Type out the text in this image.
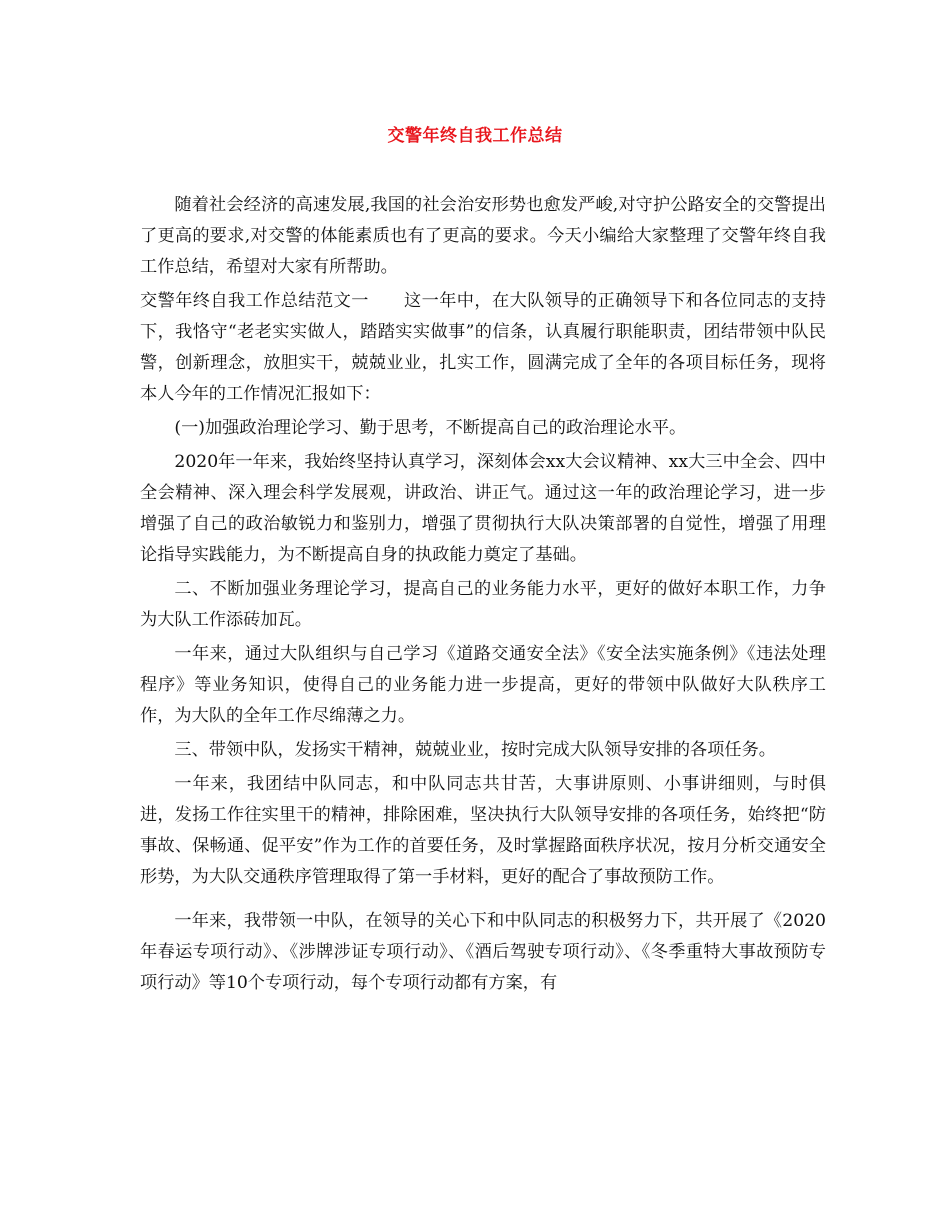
交警年终自我工作总结

随着社会经济的高速发展,我国的社会治安形势也愈发严峻,对守护公路安全的交警提出了更高的要求,对交警的体能素质也有了更高的要求。今天小编给大家整理了交警年终自我工作总结，希望对大家有所帮助。

交警年终自我工作总结范文一　　这一年中，在大队领导的正确领导下和各位同志的支持下，我恪守“老老实实做人，踏踏实实做事”的信条，认真履行职能职责，团结带领中队民警，创新理念，放胆实干，兢兢业业，扎实工作，圆满完成了全年的各项目标任务，现将本人今年的工作情况汇报如下：

(一)加强政治理论学习、勤于思考，不断提高自己的政治理论水平。

2020年一年来，我始终坚持认真学习，深刻体会xx大会议精神、xx大三中全会、四中全会精神、深入理会科学发展观，讲政治、讲正气。通过这一年的政治理论学习，进一步增强了自己的政治敏锐力和鉴别力，增强了贯彻执行大队决策部署的自觉性，增强了用理论指导实践能力，为不断提高自身的执政能力奠定了基础。

二、不断加强业务理论学习，提高自己的业务能力水平，更好的做好本职工作，力争为大队工作添砖加瓦。

一年来，通过大队组织与自己学习《道路交通安全法》《安全法实施条例》《违法处理程序》等业务知识，使得自己的业务能力进一步提高，更好的带领中队做好大队秩序工作，为大队的全年工作尽绵薄之力。

三、带领中队，发扬实干精神，兢兢业业，按时完成大队领导安排的各项任务。

一年来，我团结中队同志，和中队同志共甘苦，大事讲原则、小事讲细则，与时俱进，发扬工作往实里干的精神，排除困难，坚决执行大队领导安排的各项任务，始终把“防事故、保畅通、促平安”作为工作的首要任务，及时掌握路面秩序状况，按月分析交通安全形势，为大队交通秩序管理取得了第一手材料，更好的配合了事故预防工作。

一年来，我带领一中队，在领导的关心下和中队同志的积极努力下，共开展了《2020年春运专项行动》、《涉牌涉证专项行动》、《酒后驾驶专项行动》、《冬季重特大事故预防专项行动》等10个专项行动，每个专项行动都有方案，有
